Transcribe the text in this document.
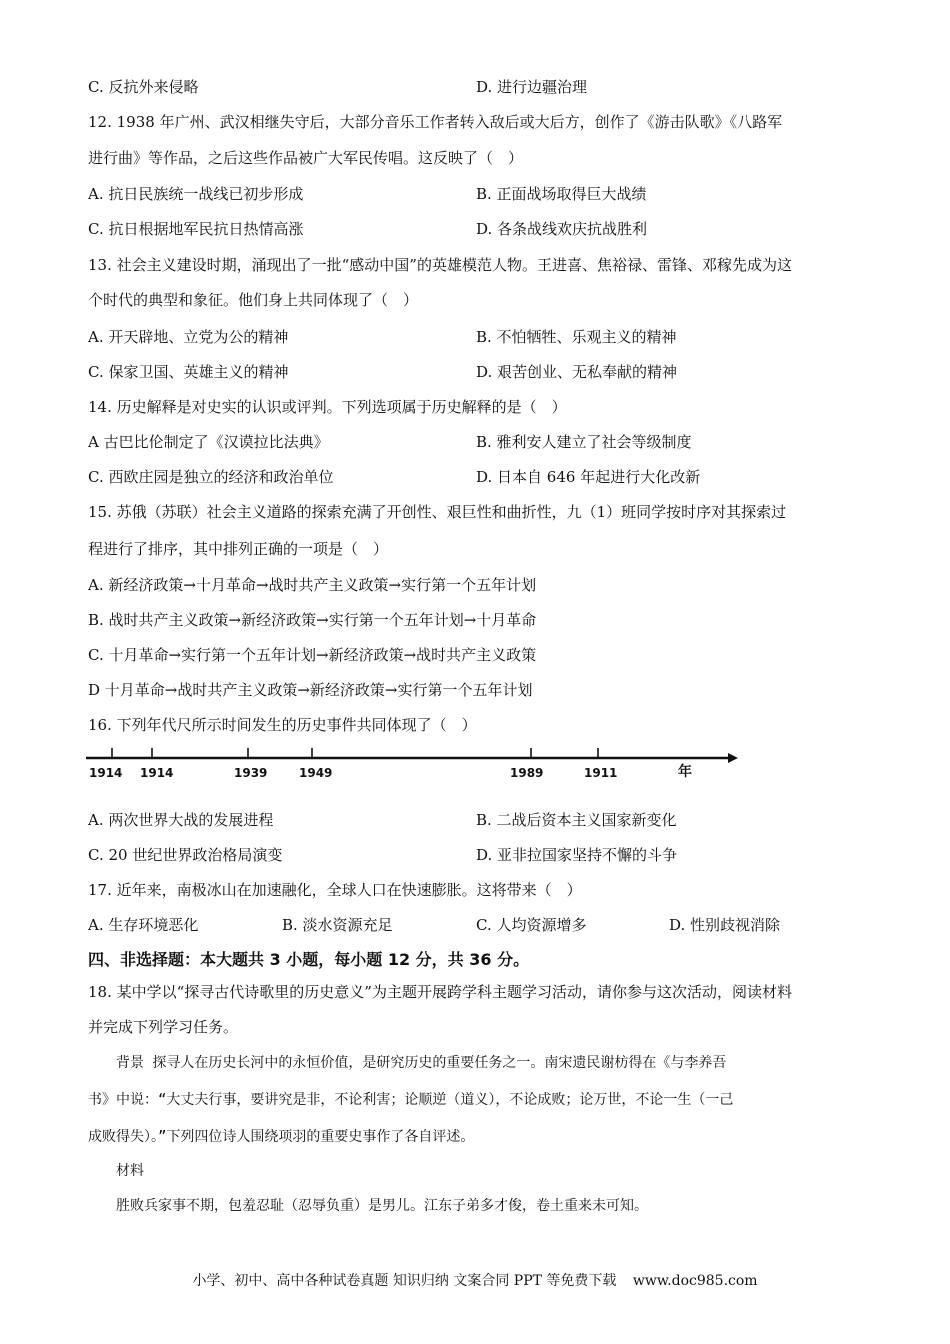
C. 反抗外来侵略	D. 进行边疆治理
12. 1938 年广州、武汉相继失守后，大部分音乐工作者转入敌后或大后方，创作了《游击队歌》《八路军
进行曲》等作品，之后这些作品被广大军民传唱。这反映了（　）
A. 抗日民族统一战线已初步形成	B. 正面战场取得巨大战绩
C. 抗日根据地军民抗日热情高涨	D. 各条战线欢庆抗战胜利
13. 社会主义建设时期，涌现出了一批“感动中国”的英雄模范人物。王进喜、焦裕禄、雷锋、邓稼先成为这
个时代的典型和象征。他们身上共同体现了（　）
A. 开天辟地、立党为公的精神	B. 不怕牺牲、乐观主义的精神
C. 保家卫国、英雄主义的精神	D. 艰苦创业、无私奉献的精神
14. 历史解释是对史实的认识或评判。下列选项属于历史解释的是（　）
A 古巴比伦制定了《汉谟拉比法典》	B. 雅利安人建立了社会等级制度
C. 西欧庄园是独立的经济和政治单位	D. 日本自 646 年起进行大化改新
15. 苏俄（苏联）社会主义道路的探索充满了开创性、艰巨性和曲折性，九（1）班同学按时序对其探索过
程进行了排序，其中排列正确的一项是（　）
A. 新经济政策→十月革命→战时共产主义政策→实行第一个五年计划
B. 战时共产主义政策→新经济政策→实行第一个五年计划→十月革命
C. 十月革命→实行第一个五年计划→新经济政策→战时共产主义政策
D 十月革命→战时共产主义政策→新经济政策→实行第一个五年计划
16. 下列年代尺所示时间发生的历史事件共同体现了（　）
1914 1914	1939	1949	1989	1911	年
A. 两次世界大战的发展进程	B. 二战后资本主义国家新变化
C. 20 世纪世界政治格局演变	D. 亚非拉国家坚持不懈的斗争
17. 近年来，南极冰山在加速融化，全球人口在快速膨胀。这将带来（　）
A. 生存环境恶化	B. 淡水资源充足	C. 人均资源增多	D. 性别歧视消除
四、非选择题：本大题共 3 小题，每小题 12 分，共 36 分。
18. 某中学以“探寻古代诗歌里的历史意义”为主题开展跨学科主题学习活动，请你参与这次活动，阅读材料
并完成下列学习任务。
背景 探寻人在历史长河中的永恒价值，是研究历史的重要任务之一。南宋遗民谢枋得在《与李养吾
书》中说：“大丈夫行事，要讲究是非，不论利害；论顺逆（道义），不论成败；论万世，不论一生（一己
成败得失）。”下列四位诗人围绕项羽的重要史事作了各自评述。
材料
胜败兵家事不期，包羞忍耻（忍辱负重）是男儿。江东子弟多才俊，卷土重来未可知。
小学、初中、高中各种试卷真题 知识归纳 文案合同 PPT 等免费下载 www.doc985.com
